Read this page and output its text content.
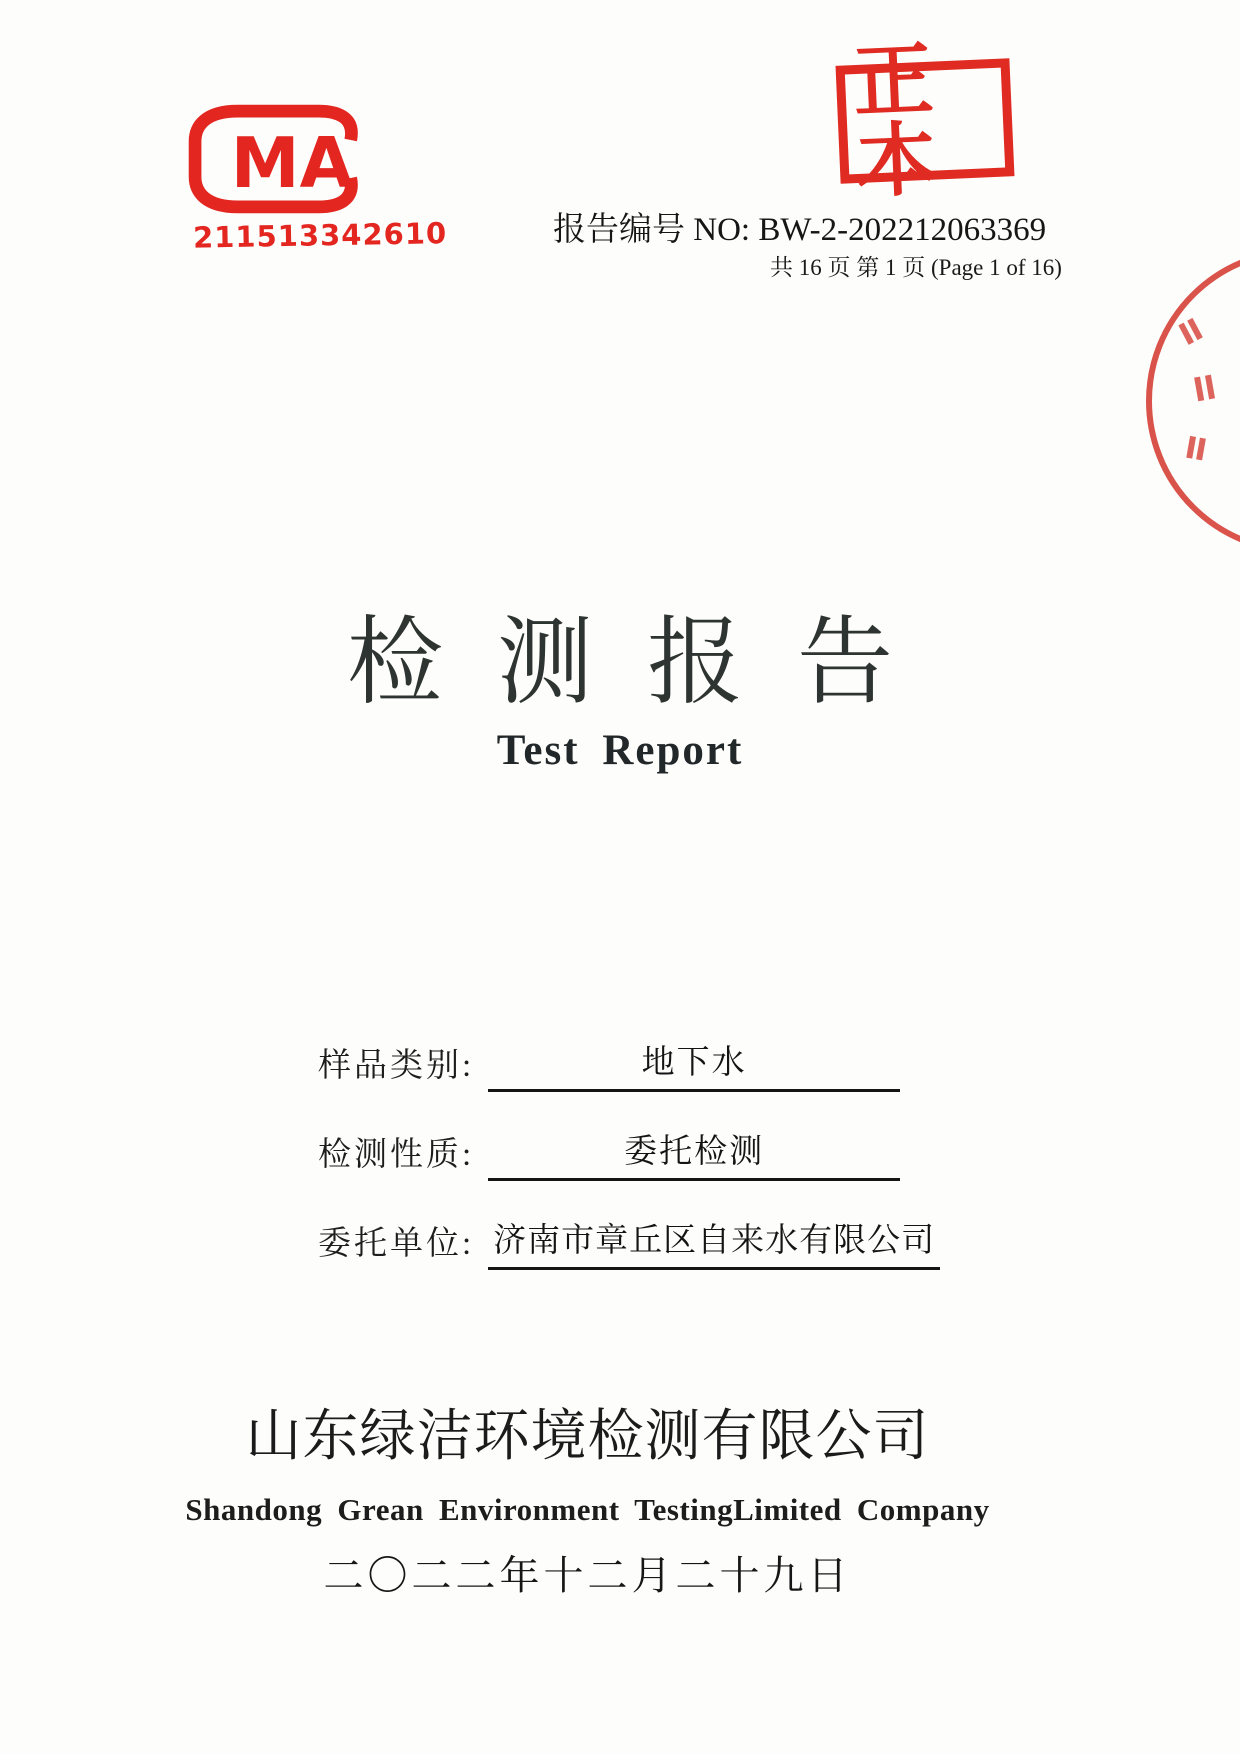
MA
211513342610
正本
报告编号 NO: BW-2-202212063369
共 16 页 第 1 页 (Page 1 of 16)
检测报告
Test Report
样品类别:	地下水
检测性质:	委托检测
委托单位: 济南市章丘区自来水有限公司

山东绿洁环境检测有限公司

Shandong Grean Environment TestingLimited Company

二〇二二年十二月二十九日
